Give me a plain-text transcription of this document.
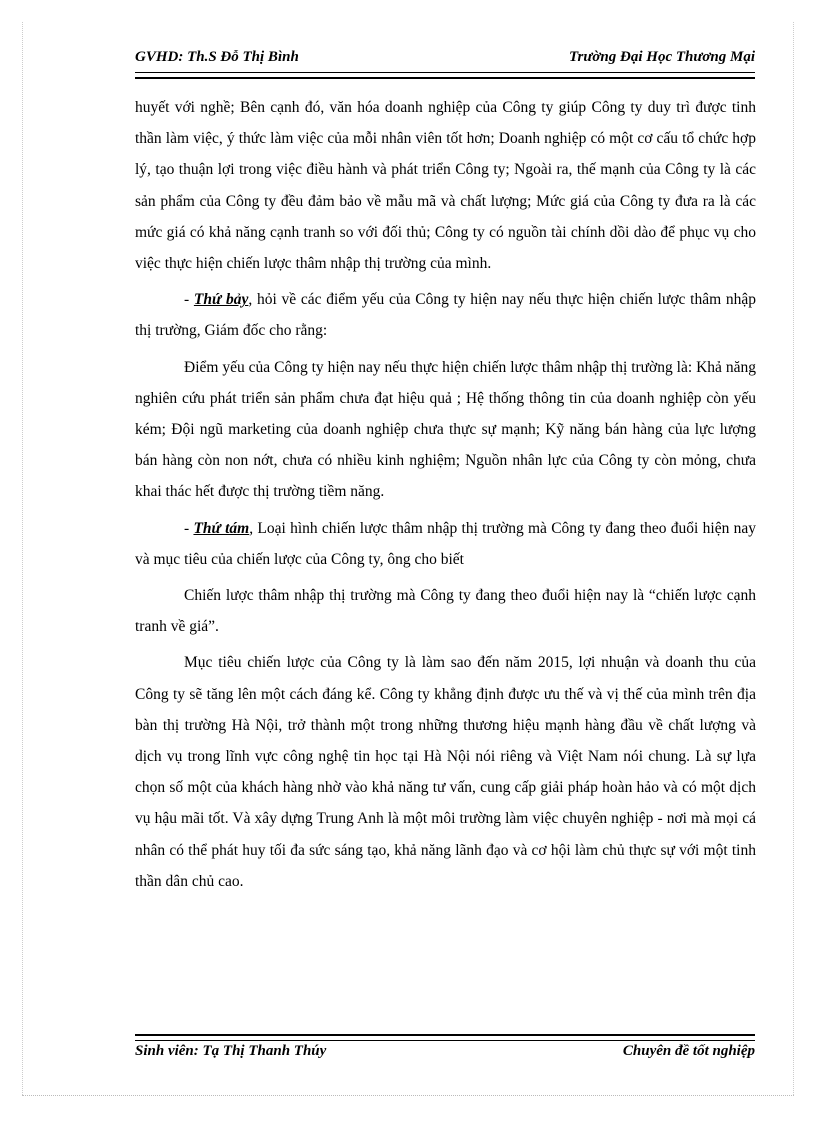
GVHD: Th.S Đỗ Thị Bình	Trường Đại Học Thương Mại

huyết với nghề; Bên cạnh đó, văn hóa doanh nghiệp của Công ty giúp Công ty duy trì được tinh thần làm việc, ý thức làm việc của mỗi nhân viên tốt hơn; Doanh nghiệp có một cơ cấu tổ chức hợp lý, tạo thuận lợi trong việc điều hành và phát triển Công ty; Ngoài ra, thế mạnh của Công ty là các sản phẩm của Công ty đều đảm bảo về mẫu mã và chất lượng; Mức giá của Công ty đưa ra là các mức giá có khả năng cạnh tranh so với đối thủ; Công ty có nguồn tài chính dồi dào để phục vụ cho việc thực hiện chiến lược thâm nhập thị trường của mình.

- Thứ bảy, hỏi về các điểm yếu của Công ty hiện nay nếu thực hiện chiến lược thâm nhập thị trường, Giám đốc cho rằng:

Điểm yếu của Công ty hiện nay nếu thực hiện chiến lược thâm nhập thị trường là: Khả năng nghiên cứu phát triển sản phẩm chưa đạt hiệu quả ; Hệ thống thông tin của doanh nghiệp còn yếu kém; Đội ngũ marketing của doanh nghiệp chưa thực sự mạnh; Kỹ năng bán hàng của lực lượng bán hàng còn non nớt, chưa có nhiều kinh nghiệm; Nguồn nhân lực của Công ty còn mỏng, chưa khai thác hết được thị trường tiềm năng.

- Thứ tám, Loại hình chiến lược thâm nhập thị trường mà Công ty đang theo đuổi hiện nay và mục tiêu của chiến lược của Công ty, ông cho biết

Chiến lược thâm nhập thị trường mà Công ty đang theo đuổi hiện nay là “chiến lược cạnh tranh về giá”.

Mục tiêu chiến lược của Công ty là làm sao đến năm 2015, lợi nhuận và doanh thu của Công ty sẽ tăng lên một cách đáng kể. Công ty khẳng định được ưu thế và vị thế của mình trên địa bàn thị trường Hà Nội, trở thành một trong những thương hiệu mạnh hàng đầu về chất lượng và dịch vụ trong lĩnh vực công nghệ tin học tại Hà Nội nói riêng và Việt Nam nói chung. Là sự lựa chọn số một của khách hàng nhờ vào khả năng tư vấn, cung cấp giải pháp hoàn hảo và có một dịch vụ hậu mãi tốt. Và xây dựng Trung Anh là một môi trường làm việc chuyên nghiệp - nơi mà mọi cá nhân có thể phát huy tối đa sức sáng tạo, khả năng lãnh đạo và cơ hội làm chủ thực sự với một tinh thần dân chủ cao.

Sinh viên: Tạ Thị Thanh Thúy	Chuyên đề tốt nghiệp
